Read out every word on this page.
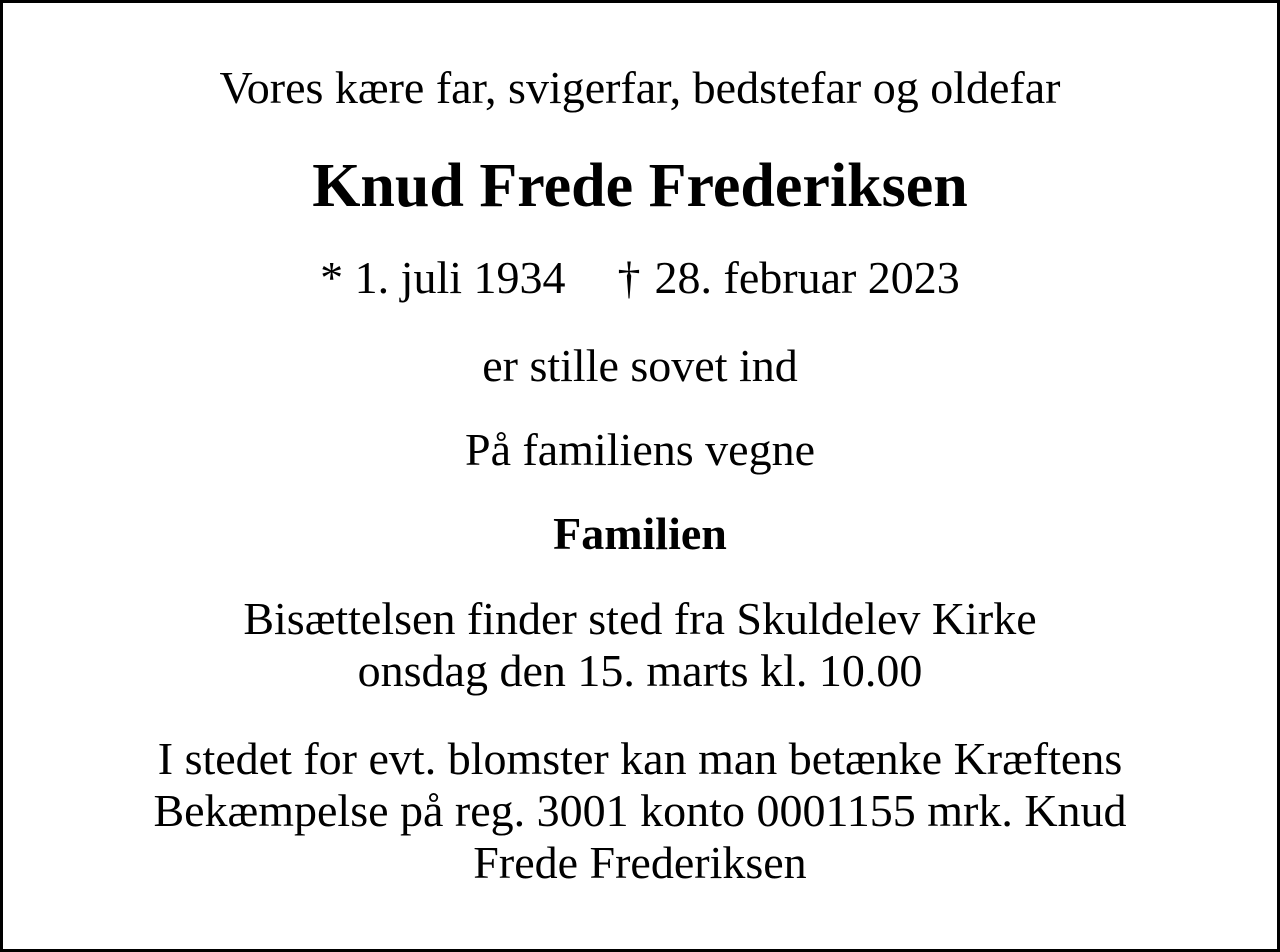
Vores kære far, svigerfar, bedstefar og oldefar

Knud Frede Frederiksen

* 1. juli 1934 † 28. februar 2023

er stille sovet ind

På familiens vegne

Familien

Bisættelsen finder sted fra Skuldelev Kirke
onsdag den 15. marts kl. 10.00
I stedet for evt. blomster kan man betænke Kræftens
Bekæmpelse på reg. 3001 konto 0001155 mrk. Knud
Frede Frederiksen
